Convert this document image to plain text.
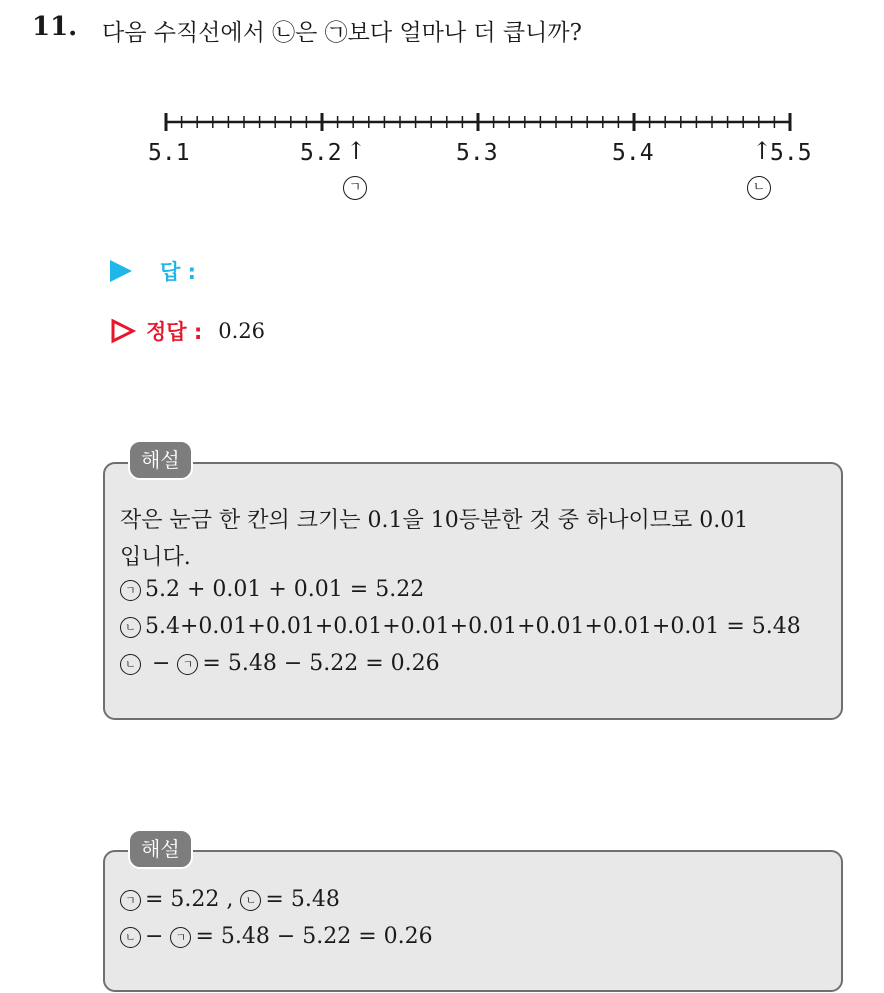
11. 다음 수직선에서 ㉡은 ㉠보다 얼마나 더 큽니까?
5.1	5.2	5.3	5.4	5.5
↑
ㄱ
↑
ㄴ
답 :
정답 : 0.26
해설
작은 눈금 한 칸의 크기는 0.1을 10등분한 것 중 하나이므로 0.01
입니다.
ㄱ 5.2 + 0.01 + 0.01 = 5.22
ㄴ 5.4+0.01+0.01+0.01+0.01+0.01+0.01+0.01+0.01 = 5.48
ㄴ − ㄱ = 5.48 − 5.22 = 0.26
해설
ㄱ = 5.22 , ㄴ = 5.48
ㄴ − ㄱ = 5.48 − 5.22 = 0.26
